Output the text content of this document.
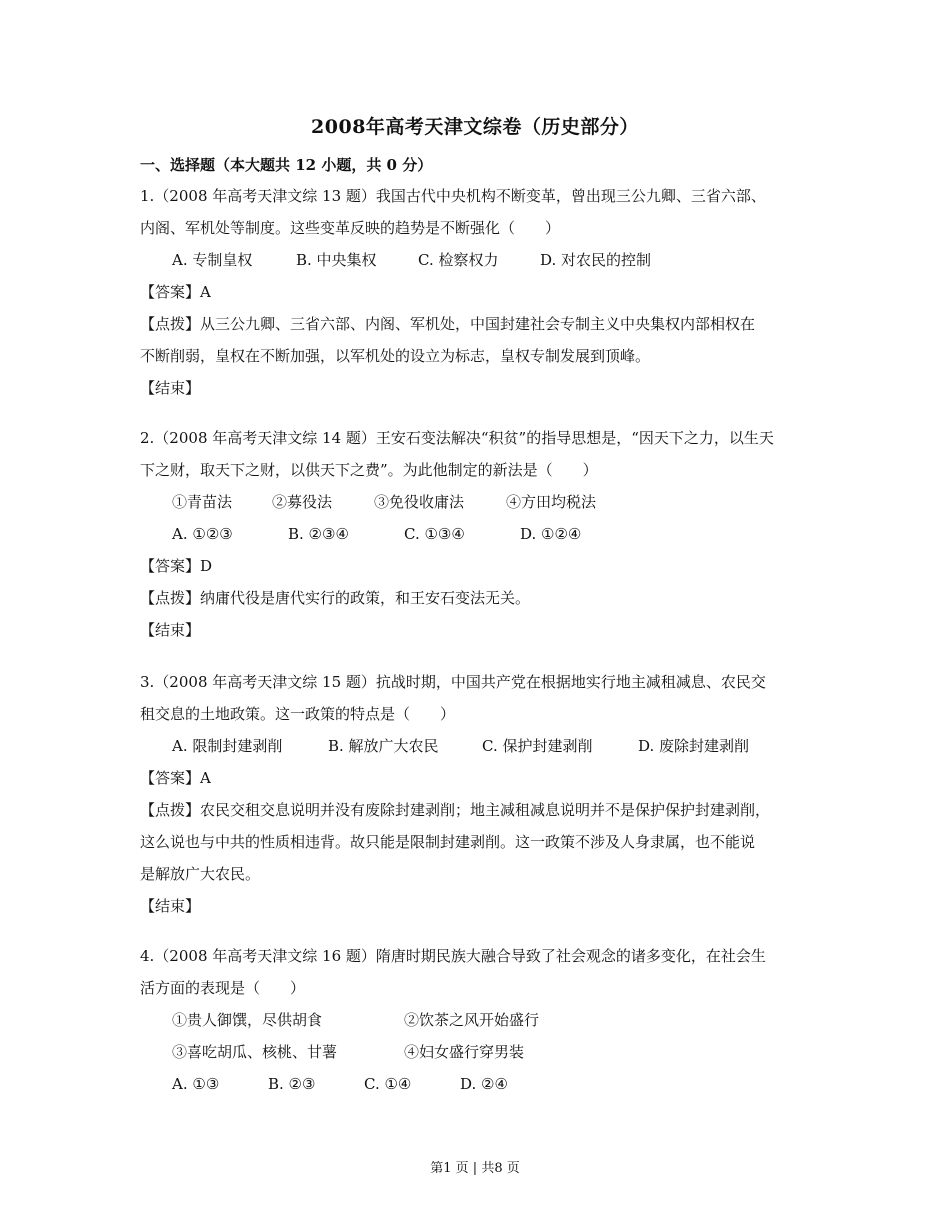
2008年高考天津文综卷（历史部分）
一、选择题（本大题共 12 小题，共 0 分）
1.（2008 年高考天津文综 13 题）我国古代中央机构不断变革，曾出现三公九卿、三省六部、
内阁、军机处等制度。这些变革反映的趋势是不断强化（　　）
A. 专制皇权	B. 中央集权	C. 检察权力	D. 对农民的控制
【答案】A
【点拨】从三公九卿、三省六部、内阁、军机处，中国封建社会专制主义中央集权内部相权在
不断削弱，皇权在不断加强，以军机处的设立为标志，皇权专制发展到顶峰。
【结束】
2.（2008 年高考天津文综 14 题）王安石变法解决“积贫”的指导思想是，“因天下之力，以生天
下之财，取天下之财，以供天下之费”。为此他制定的新法是（　　）
①青苗法	②募役法	③免役收庸法	④方田均税法
A. ①②③	B. ②③④	C. ①③④	D. ①②④
【答案】D
【点拨】纳庸代役是唐代实行的政策，和王安石变法无关。
【结束】
3.（2008 年高考天津文综 15 题）抗战时期，中国共产党在根据地实行地主减租减息、农民交
租交息的土地政策。这一政策的特点是（　　）
A. 限制封建剥削	B. 解放广大农民	C. 保护封建剥削	D. 废除封建剥削
【答案】A
【点拨】农民交租交息说明并没有废除封建剥削；地主减租减息说明并不是保护保护封建剥削，
这么说也与中共的性质相违背。故只能是限制封建剥削。这一政策不涉及人身隶属，也不能说
是解放广大农民。
【结束】
4.（2008 年高考天津文综 16 题）隋唐时期民族大融合导致了社会观念的诸多变化，在社会生
活方面的表现是（　　）
①贵人御馔，尽供胡食	②饮茶之风开始盛行
③喜吃胡瓜、核桃、甘薯	④妇女盛行穿男装
A. ①③	B. ②③	C. ①④	D. ②④
第1 页 | 共8 页
